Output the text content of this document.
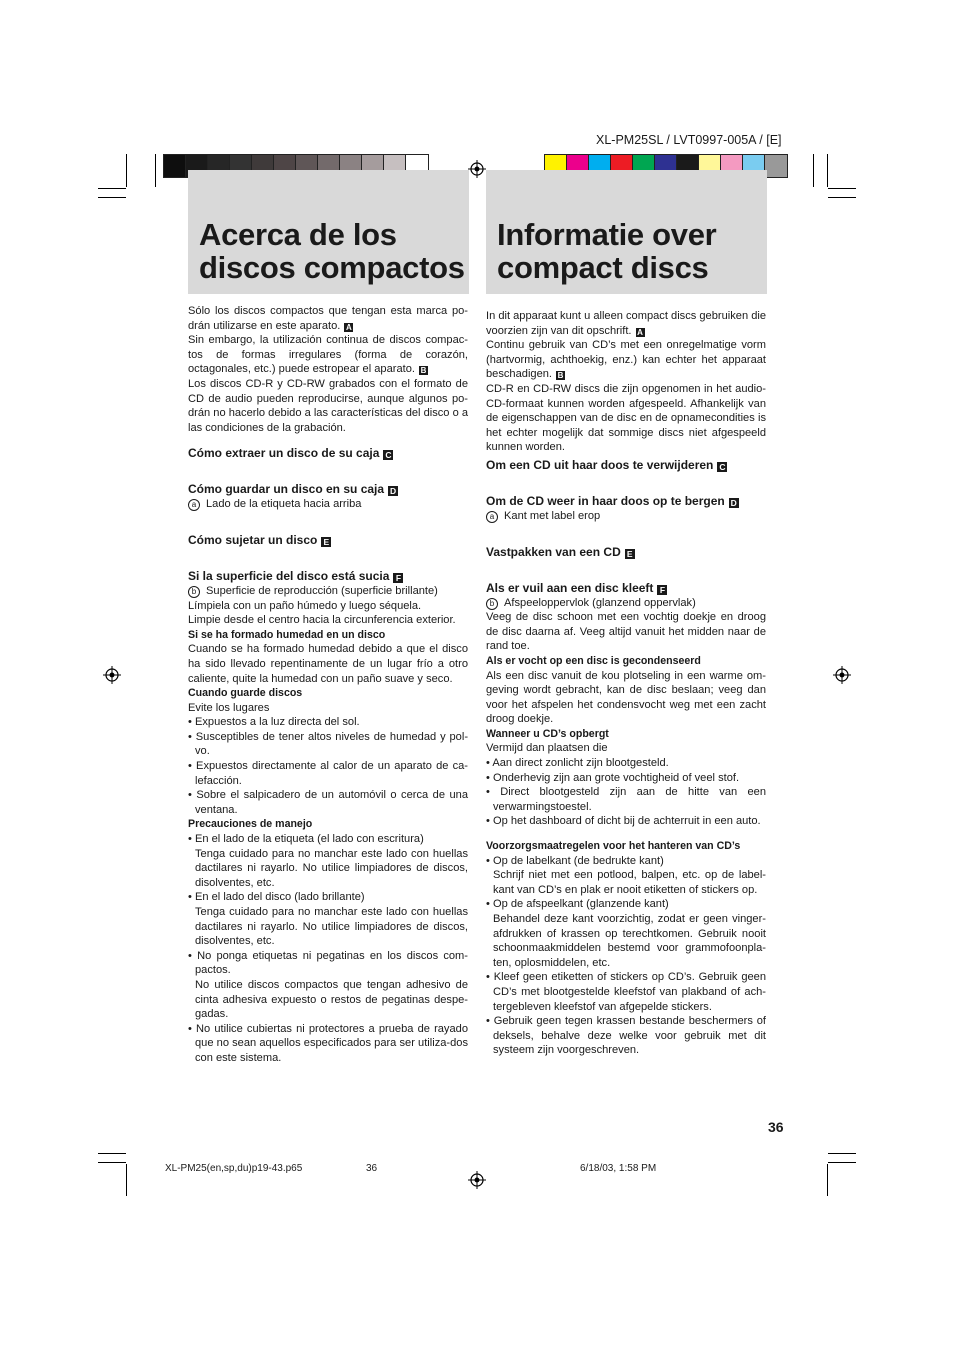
XL-PM25SL / LVT0997-005A / [E]
Acerca de los
discos compactos
Informatie over
compact discs

Sólo los discos compactos que tengan esta marca po-drán utilizarse en este aparato. A

Sin embargo, la utilización continua de discos compac-tos de formas irregulares (forma de corazón, octagonales, etc.) puede estropear el aparato. B

Los discos CD-R y CD-RW grabados con el formato de CD de audio pueden reproducirse, aunque algunos po-drán no hacerlo debido a las características del disco o a las condiciones de la grabación.

Cómo extraer un disco de su caja C

Cómo guardar un disco en su caja D

a Lado de la etiqueta hacia arriba

Cómo sujetar un disco E

Si la superficie del disco está sucia F

b Superficie de reproducción (superficie brillante)

Límpiela con un paño húmedo y luego séquela.

Limpie desde el centro hacia la circunferencia exterior.

Si se ha formado humedad en un disco

Cuando se ha formado humedad debido a que el disco ha sido llevado repentinamente de un lugar frío a otro caliente, quite la humedad con un paño suave y seco.

Cuando guarde discos

Evite los lugares

• Expuestos a la luz directa del sol.

• Susceptibles de tener altos niveles de humedad y pol-vo.

• Expuestos directamente al calor de un aparato de ca-lefacción.

• Sobre el salpicadero de un automóvil o cerca de una ventana.

Precauciones de manejo

• En el lado de la etiqueta (el lado con escritura)

Tenga cuidado para no manchar este lado con huellas dactilares ni rayarlo. No utilice limpiadores de discos, disolventes, etc.

• En el lado del disco (lado brillante)

Tenga cuidado para no manchar este lado con huellas dactilares ni rayarlo. No utilice limpiadores de discos, disolventes, etc.

• No ponga etiquetas ni pegatinas en los discos com-pactos.

No utilice discos compactos que tengan adhesivo de cinta adhesiva expuesto o restos de pegatinas despe-gadas.

• No utilice cubiertas ni protectores a prueba de rayado que no sean aquellos especificados para ser utiliza-dos con este sistema.

In dit apparaat kunt u alleen compact discs gebruiken die voorzien zijn van dit opschrift. A

Continu gebruik van CD’s met een onregelmatige vorm (hartvormig, achthoekig, enz.) kan echter het apparaat beschadigen. B

CD-R en CD-RW discs die zijn opgenomen in het audio-CD-formaat kunnen worden afgespeeld. Afhankelijk van de eigenschappen van de disc en de opnamecondities is het echter mogelijk dat sommige discs niet afgespeeld kunnen worden.

Om een CD uit haar doos te verwijderen C

Om de CD weer in haar doos op te bergen D

a Kant met label erop

Vastpakken van een CD E

Als er vuil aan een disc kleeft F

b Afspeeloppervlok (glanzend oppervlak)

Veeg de disc schoon met een vochtig doekje en droog de disc daarna af. Veeg altijd vanuit het midden naar de rand toe.

Als er vocht op een disc is gecondenseerd

Als een disc vanuit de kou plotseling in een warme om-geving wordt gebracht, kan de disc beslaan; veeg dan voor het afspelen het condensvocht weg met een zacht droog doekje.

Wanneer u CD’s opbergt

Vermijd dan plaatsen die

• Aan direct zonlicht zijn blootgesteld.

• Onderhevig zijn aan grote vochtigheid of veel stof.

• Direct blootgesteld zijn aan de hitte van een verwarmingstoestel.

• Op het dashboard of dicht bij de achterruit in een auto.

Voorzorgsmaatregelen voor het hanteren van CD’s

• Op de labelkant (de bedrukte kant)

Schrijf niet met een potlood, balpen, etc. op de label-kant van CD’s en plak er nooit etiketten of stickers op.

• Op de afspeelkant (glanzende kant)

Behandel deze kant voorzichtig, zodat er geen vinger-afdrukken of krassen op terechtkomen. Gebruik nooit schoonmaakmiddelen bestemd voor grammofoonpla-ten, oplosmiddelen, etc.

• Kleef geen etiketten of stickers op CD’s. Gebruik geen CD’s met blootgestelde kleefstof van plakband of ach-tergebleven kleefstof van afgepelde stickers.

• Gebruik geen tegen krassen bestande beschermers of deksels, behalve deze welke voor gebruik met dit systeem zijn voorgeschreven.

36
XL-PM25(en,sp,du)p19-43.p65	36	6/18/03, 1:58 PM
